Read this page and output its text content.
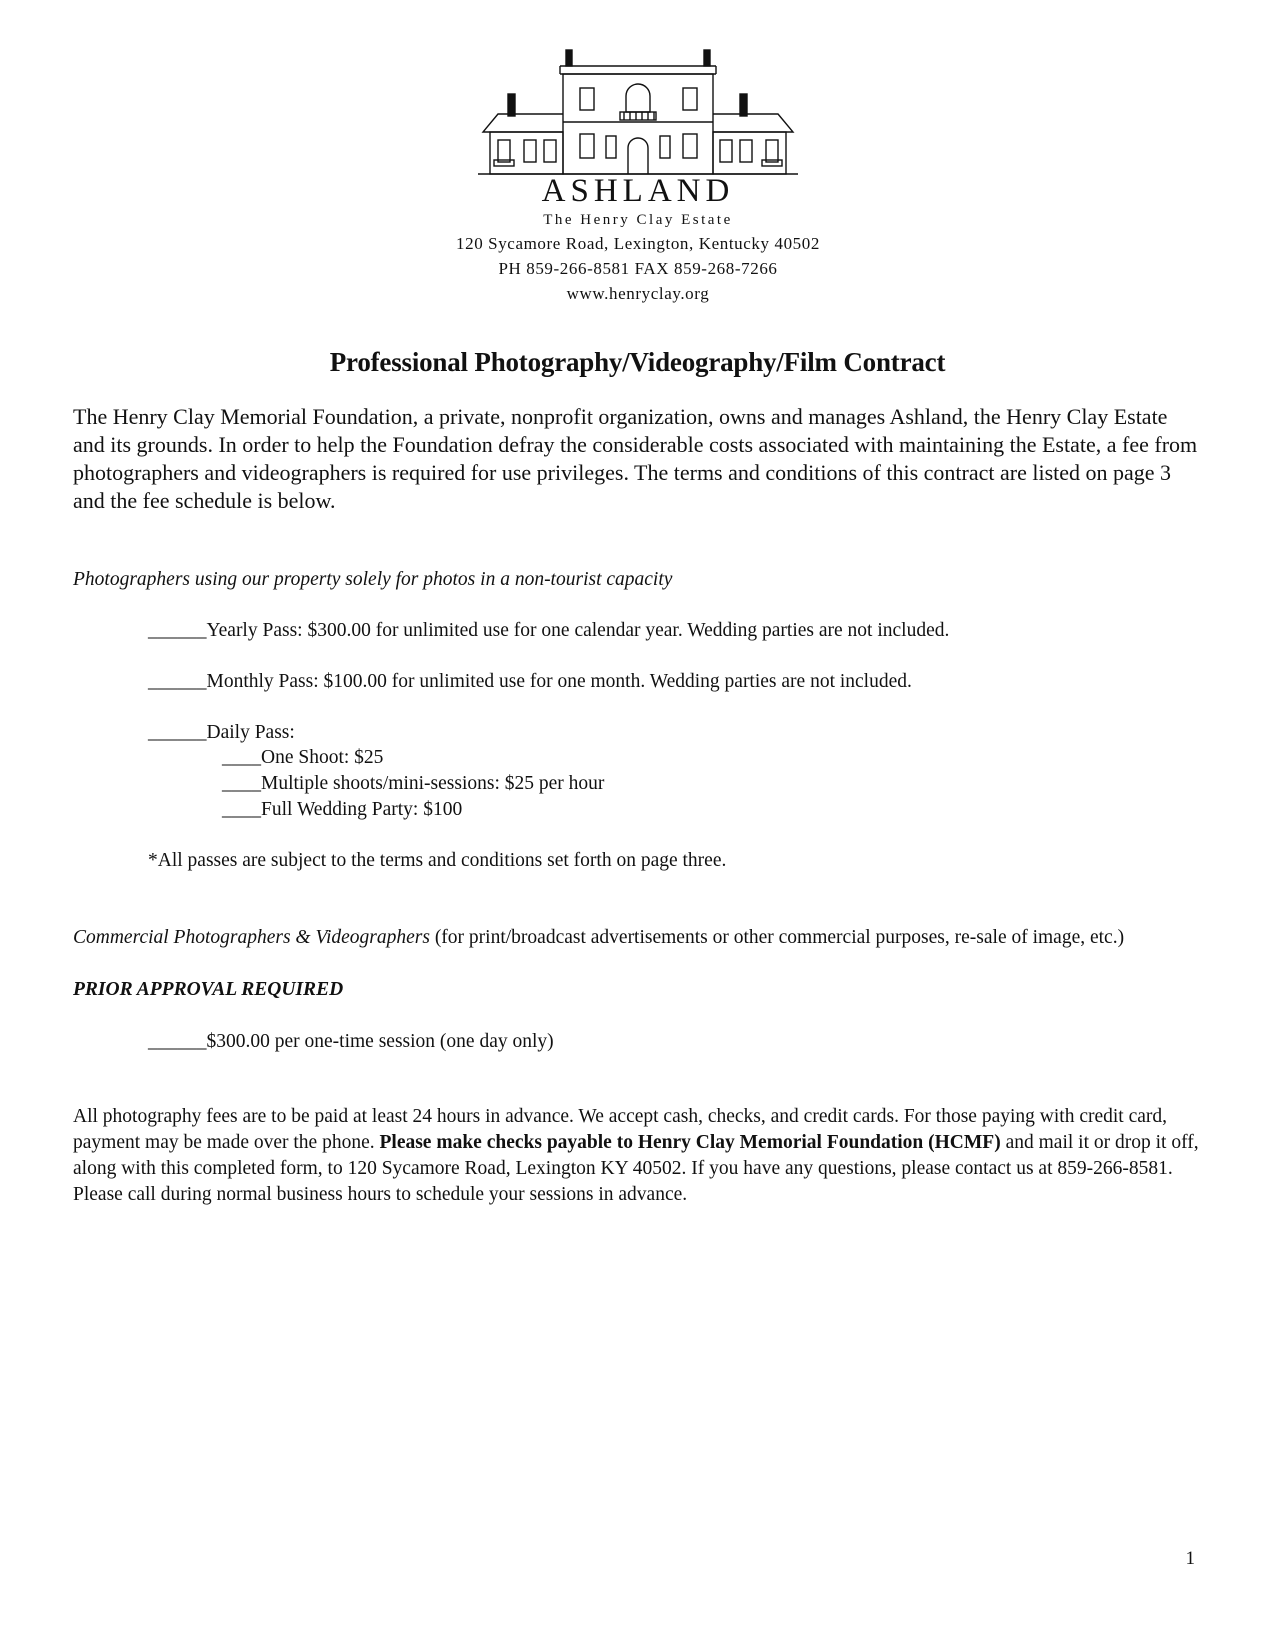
ASHLAND
The Henry Clay Estate
120 Sycamore Road, Lexington, Kentucky 40502
PH 859-266-8581 FAX 859-268-7266
www.henryclay.org
Professional Photography/Videography/Film Contract
The Henry Clay Memorial Foundation, a private, nonprofit organization, owns and manages Ashland, the Henry Clay Estate and its grounds. In order to help the Foundation defray the considerable costs associated with maintaining the Estate, a fee from photographers and videographers is required for use privileges. The terms and conditions of this contract are listed on page 3 and the fee schedule is below.
Photographers using our property solely for photos in a non-tourist capacity
______Yearly Pass: $300.00 for unlimited use for one calendar year. Wedding parties are not included.
______Monthly Pass: $100.00 for unlimited use for one month. Wedding parties are not included.
______Daily Pass:
____One Shoot: $25
____Multiple shoots/mini-sessions: $25 per hour
____Full Wedding Party: $100
*All passes are subject to the terms and conditions set forth on page three.
Commercial Photographers & Videographers (for print/broadcast advertisements or other commercial purposes, re-sale of image, etc.)
PRIOR APPROVAL REQUIRED
______$300.00 per one-time session (one day only)
All photography fees are to be paid at least 24 hours in advance. We accept cash, checks, and credit cards. For those paying with credit card, payment may be made over the phone. Please make checks payable to Henry Clay Memorial Foundation (HCMF) and mail it or drop it off, along with this completed form, to 120 Sycamore Road, Lexington KY 40502. If you have any questions, please contact us at 859-266-8581. Please call during normal business hours to schedule your sessions in advance.
1
